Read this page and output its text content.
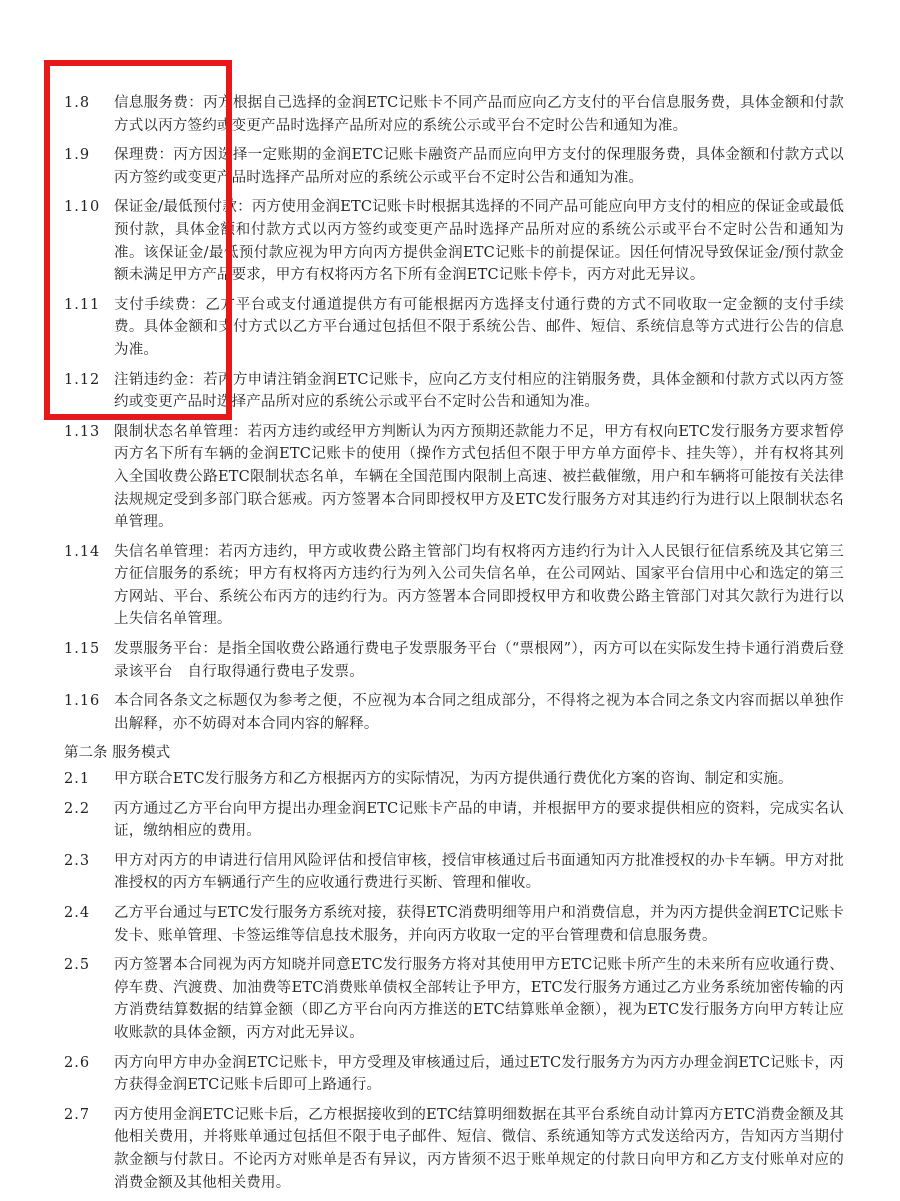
1.8	信息服务费：丙方根据自己选择的金润ETC记账卡不同产品而应向乙方支付的平台信息服务费，具体金额和付款方式以丙方签约或变更产品时选择产品所对应的系统公示或平台不定时公告和通知为准。
1.9	保理费：丙方因选择一定账期的金润ETC记账卡融资产品而应向甲方支付的保理服务费，具体金额和付款方式以丙方签约或变更产品时选择产品所对应的系统公示或平台不定时公告和通知为准。
1.10 保证金/最低预付款：丙方使用金润ETC记账卡时根据其选择的不同产品可能应向甲方支付的相应的保证金或最低预付款，具体金额和付款方式以丙方签约或变更产品时选择产品所对应的系统公示或平台不定时公告和通知为准。该保证金/最低预付款应视为甲方向丙方提供金润ETC记账卡的前提保证。因任何情况导致保证金/预付款金额未满足甲方产品要求，甲方有权将丙方名下所有金润ETC记账卡停卡，丙方对此无异议。
1.11 支付手续费：乙方平台或支付通道提供方有可能根据丙方选择支付通行费的方式不同收取一定金额的支付手续费。具体金额和支付方式以乙方平台通过包括但不限于系统公告、邮件、短信、系统信息等方式进行公告的信息为准。
1.12 注销违约金：若丙方申请注销金润ETC记账卡，应向乙方支付相应的注销服务费，具体金额和付款方式以丙方签约或变更产品时选择产品所对应的系统公示或平台不定时公告和通知为准。
1.13 限制状态名单管理：若丙方违约或经甲方判断认为丙方预期还款能力不足，甲方有权向ETC发行服务方要求暂停丙方名下所有车辆的金润ETC记账卡的使用（操作方式包括但不限于甲方单方面停卡、挂失等），并有权将其列入全国收费公路ETC限制状态名单，车辆在全国范围内限制上高速、被拦截催缴，用户和车辆将可能按有关法律法规规定受到多部门联合惩戒。丙方签署本合同即授权甲方及ETC发行服务方对其违约行为进行以上限制状态名单管理。
1.14 失信名单管理：若丙方违约，甲方或收费公路主管部门均有权将丙方违约行为计入人民银行征信系统及其它第三方征信服务的系统；甲方有权将丙方违约行为列入公司失信名单，在公司网站、国家平台信用中心和选定的第三方网站、平台、系统公布丙方的违约行为。丙方签署本合同即授权甲方和收费公路主管部门对其欠款行为进行以上失信名单管理。
1.15 发票服务平台：是指全国收费公路通行费电子发票服务平台（“票根网”），丙方可以在实际发生持卡通行消费后登录该平台　自行取得通行费电子发票。
1.16 本合同各条文之标题仅为参考之便，不应视为本合同之组成部分，不得将之视为本合同之条文内容而据以单独作出解释，亦不妨碍对本合同内容的解释。
第二条 服务模式
2.1	甲方联合ETC发行服务方和乙方根据丙方的实际情况，为丙方提供通行费优化方案的咨询、制定和实施。
2.2	丙方通过乙方平台向甲方提出办理金润ETC记账卡产品的申请，并根据甲方的要求提供相应的资料，完成实名认证，缴纳相应的费用。
2.3	甲方对丙方的申请进行信用风险评估和授信审核，授信审核通过后书面通知丙方批准授权的办卡车辆。甲方对批准授权的丙方车辆通行产生的应收通行费进行买断、管理和催收。
2.4	乙方平台通过与ETC发行服务方系统对接，获得ETC消费明细等用户和消费信息，并为丙方提供金润ETC记账卡发卡、账单管理、卡签运维等信息技术服务，并向丙方收取一定的平台管理费和信息服务费。
2.5	丙方签署本合同视为丙方知晓并同意ETC发行服务方将对其使用甲方ETC记账卡所产生的未来所有应收通行费、停车费、汽渡费、加油费等ETC消费账单债权全部转让予甲方，ETC发行服务方通过乙方业务系统加密传输的丙方消费结算数据的结算金额（即乙方平台向丙方推送的ETC结算账单金额），视为ETC发行服务方向甲方转让应收账款的具体金额，丙方对此无异议。
2.6	丙方向甲方申办金润ETC记账卡，甲方受理及审核通过后，通过ETC发行服务方为丙方办理金润ETC记账卡，丙方获得金润ETC记账卡后即可上路通行。
2.7	丙方使用金润ETC记账卡后，乙方根据接收到的ETC结算明细数据在其平台系统自动计算丙方ETC消费金额及其他相关费用，并将账单通过包括但不限于电子邮件、短信、微信、系统通知等方式发送给丙方，告知丙方当期付款金额与付款日。不论丙方对账单是否有异议，丙方皆须不迟于账单规定的付款日向甲方和乙方支付账单对应的消费金额及其他相关费用。
